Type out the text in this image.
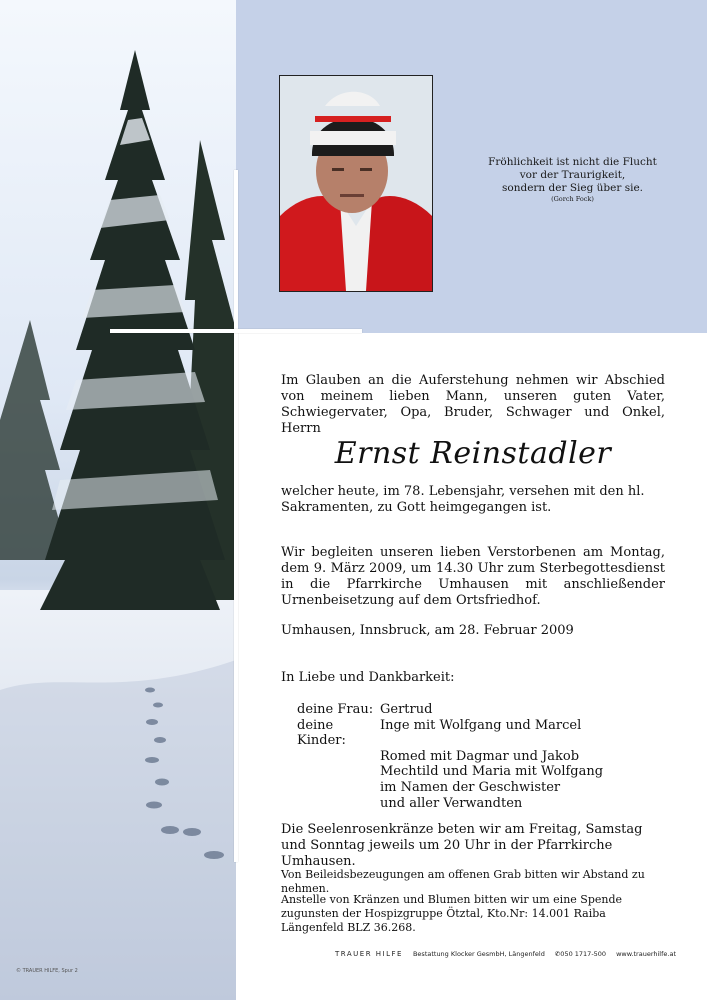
Fröhlichkeit ist nicht die Flucht
vor der Traurigkeit,
sondern der Sieg über sie.
(Gorch Fock)

Im Glauben an die Auferstehung nehmen wir Abschied von meinem lieben Mann, unseren guten Vater, Schwiegervater, Opa, Bruder, Schwager und Onkel, Herrn

Ernst Reinstadler

welcher heute, im 78. Lebensjahr, versehen mit den hl. Sakramenten, zu Gott heimgegangen ist.

Wir begleiten unseren lieben Verstorbenen am Montag, dem 9. März 2009, um 14.30 Uhr zum Sterbegottesdienst in die Pfarrkirche Umhausen mit anschließender Urnenbeisetzung auf dem Ortsfriedhof.

Umhausen, Innsbruck, am 28. Februar 2009

In Liebe und Dankbarkeit:

deine Frau: Gertrud
deine Kinder:
Inge mit Wolfgang und Marcel
Romed mit Dagmar und Jakob
Mechtild und Maria mit Wolfgang
im Namen der Geschwister
und aller Verwandten

Die Seelenrosenkränze beten wir am Freitag, Samstag und Sonntag jeweils um 20 Uhr in der Pfarrkirche Umhausen.

Von Beileidsbezeugungen am offenen Grab bitten wir Abstand zu nehmen.

Anstelle von Kränzen und Blumen bitten wir um eine Spende zugunsten der Hospizgruppe Ötztal, Kto.Nr: 14.001 Raiba Längenfeld BLZ 36.268.

TRAUER HILFE Bestattung Klocker GesmbH, Längenfeld ✆050 1717-500 www.trauerhilfe.at
© TRAUER HILFE, Spur 2
